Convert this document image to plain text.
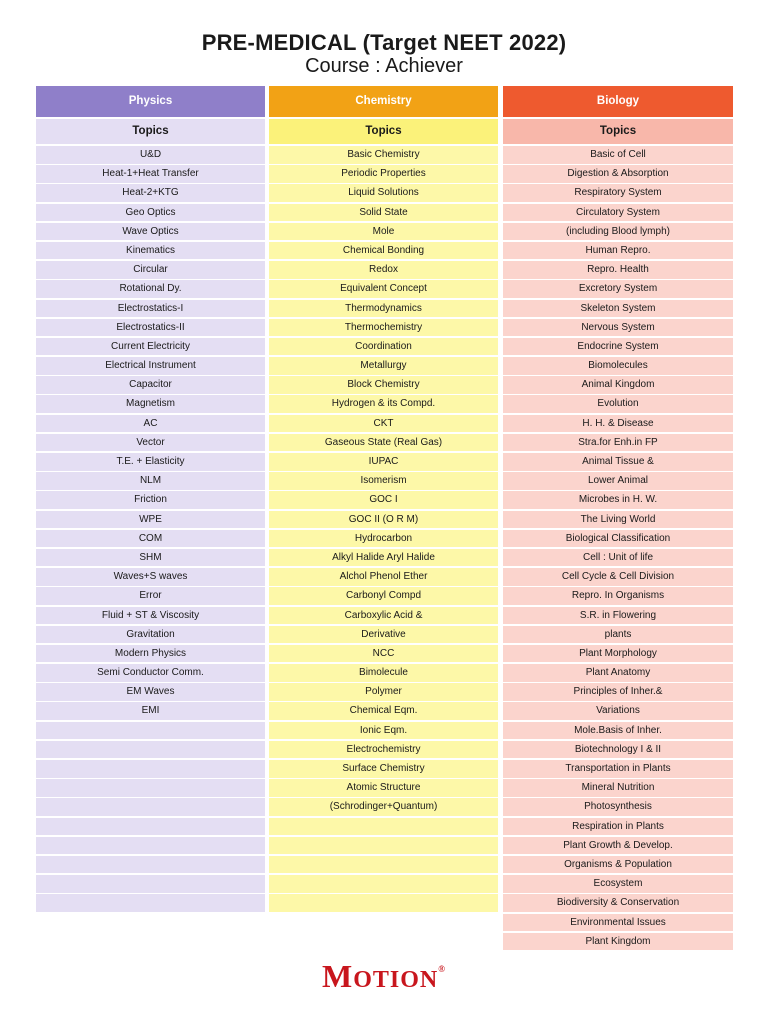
PRE-MEDICAL (Target NEET 2022)
Course : Achiever
Physics
Topics
U&D
Heat-1+Heat Transfer
Heat-2+KTG
Geo Optics
Wave Optics
Kinematics
Circular
Rotational Dy.
Electrostatics-I
Electrostatics-II
Current Electricity
Electrical Instrument
Capacitor
Magnetism
AC
Vector
T.E. + Elasticity
NLM
Friction
WPE
COM
SHM
Waves+S waves
Error
Fluid + ST & Viscosity
Gravitation
Modern Physics
Semi Conductor Comm.
EM Waves
EMI
Chemistry
Topics
Basic Chemistry
Periodic Properties
Liquid Solutions
Solid State
Mole
Chemical Bonding
Redox
Equivalent Concept
Thermodynamics
Thermochemistry
Coordination
Metallurgy
Block Chemistry
Hydrogen & its Compd.
CKT
Gaseous State (Real Gas)
IUPAC
Isomerism
GOC I
GOC II (O R M)
Hydrocarbon
Alkyl Halide Aryl Halide
Alchol Phenol Ether
Carbonyl Compd
Carboxylic Acid &
Derivative
NCC
Bimolecule
Polymer
Chemical Eqm.
Ionic Eqm.
Electrochemistry
Surface Chemistry
Atomic Structure
(Schrodinger+Quantum)
Biology
Topics
Basic of Cell
Digestion & Absorption
Respiratory System
Circulatory System
(including Blood lymph)
Human Repro.
Repro. Health
Excretory System
Skeleton System
Nervous System
Endocrine System
Biomolecules
Animal Kingdom
Evolution
H. H. & Disease
Stra.for Enh.in FP
Animal Tissue &
Lower Animal
Microbes in H. W.
The Living World
Biological Classification
Cell : Unit of life
Cell Cycle & Cell Division
Repro. In Organisms
S.R. in Flowering
plants
Plant Morphology
Plant Anatomy
Principles of Inher.&
Variations
Mole.Basis of Inher.
Biotechnology I & II
Transportation in Plants
Mineral Nutrition
Photosynthesis
Respiration in Plants
Plant Growth & Develop.
Organisms & Population
Ecosystem
Biodiversity & Conservation
Environmental Issues
Plant Kingdom
MOTION®
